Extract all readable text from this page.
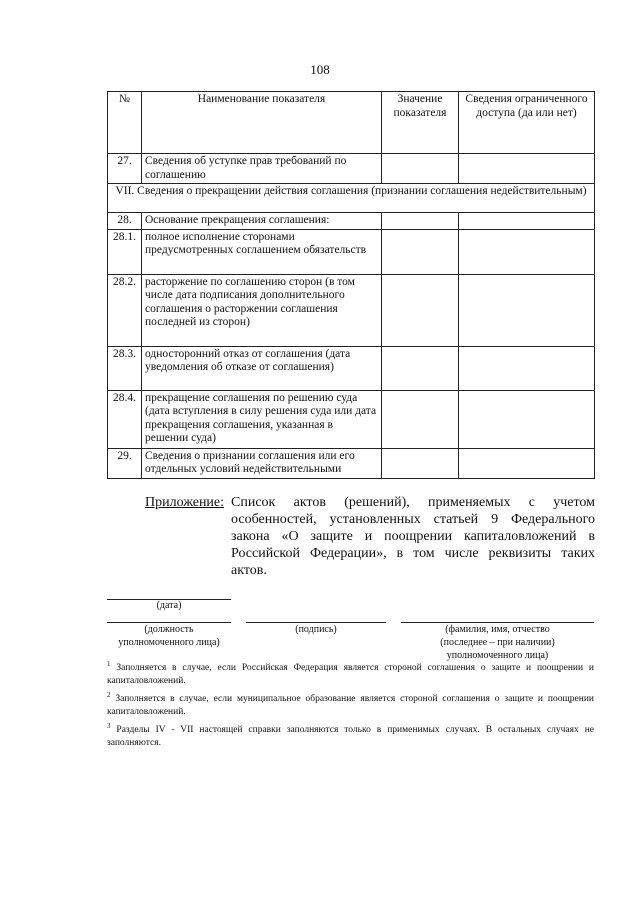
108
№	Наименование показателя	Значение показателя	Сведения ограниченного доступа (да или нет)
27.	Сведения об уступке прав требований по соглашению		
VII. Сведения о прекращении действия соглашения (признании соглашения недействительным)			
28.	Основание прекращения соглашения:		
28.1.	полное исполнение сторонами предусмотренных соглашением обязательств		
28.2.	расторжение по соглашению сторон (в том числе дата подписания дополнительного соглашения о расторжении соглашения последней из сторон)		
28.3.	односторонний отказ от соглашения (дата уведомления об отказе от соглашения)		
28.4.	прекращение соглашения по решению суда (дата вступления в силу решения суда или дата прекращения соглашения, указанная в решении суда)		
29.	Сведения о признании соглашения или его отдельных условий недействительными		
Приложение: Список актов (решений), применяемых с учетом особенностей, установленных статьей 9 Федерального закона «О защите и поощрении капиталовложений в Российской Федерации», в том числе реквизиты таких актов.
(дата)
(должность
уполномоченного лица)
(подпись)	(фамилия, имя, отчество
(последнее – при наличии)
уполномоченного лица)

$^1$ Заполняется в случае, если Российская Федерация является стороной соглашения о защите и поощрении и капиталовложений.

$^2$ Заполняется в случае, если муниципальное образование является стороной соглашения о защите и поощрении капиталовложений.

$^3$ Разделы IV - VII настоящей справки заполняются только в применимых случаях. В остальных случаях не заполняются.
